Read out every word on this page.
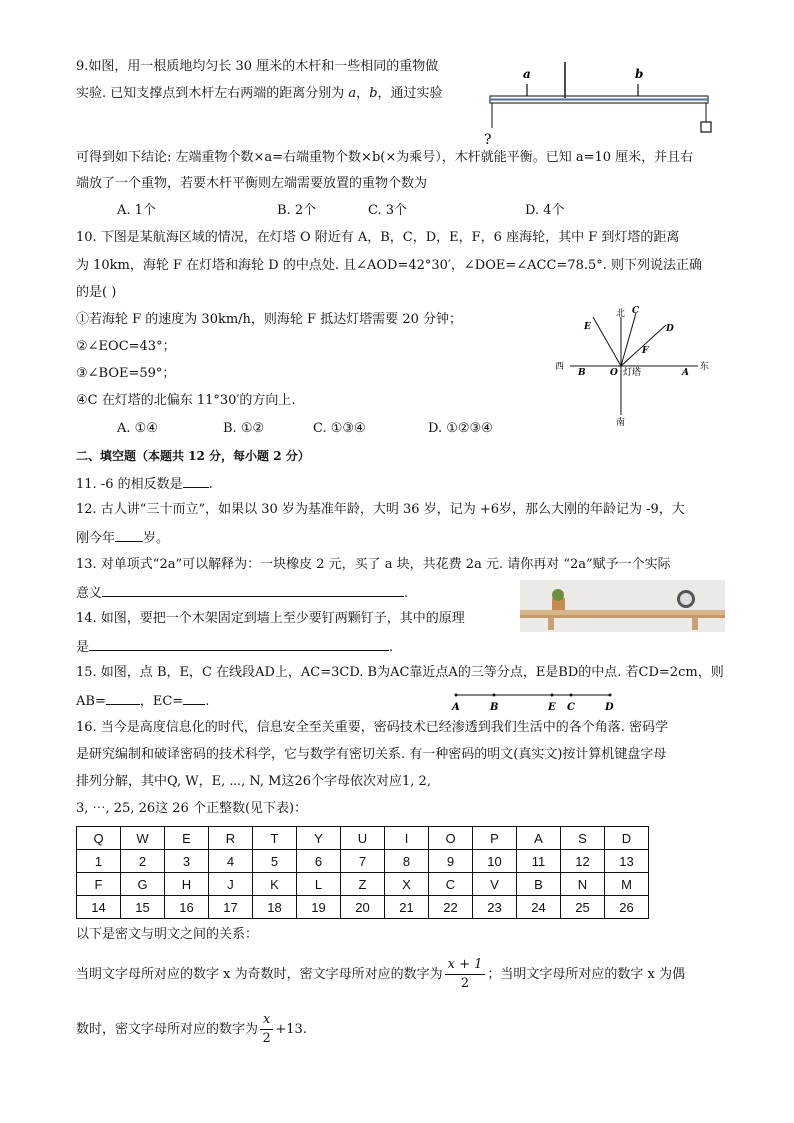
9.如图，用一根质地均匀长 30 厘米的木杆和一些相同的重物做
实验. 已知支撑点到木杆左右两端的距离分别为 a，b，通过实验
a	b
?
可得到如下结论: 左端重物个数×a=右端重物个数×b(×为乘号），木杆就能平衡。已知 a=10 厘米，并且右
端放了一个重物，若要木杆平衡则左端需要放置的重物个数为
A. 1个	B. 2个	C. 3个	D. 4个
10. 下图是某航海区域的情况，在灯塔 O 附近有 A，B，C，D，E，F，6 座海轮，其中 F 到灯塔的距离
为 10km，海轮 F 在灯塔和海轮 D 的中点处. 且∠AOD=42°30′，∠DOE=∠ACC=78.5°. 则下列说法正确
的是( )
①若海轮 F 的速度为 30km/h，则海轮 F 抵达灯塔需要 20 分钟；
②∠EOC=43°；
③∠BOE=59°；
④C 在灯塔的北偏东 11°30′的方向上.
A. ①④	B. ①②	C. ①③④	D. ①②③④
北
南
西	东
O 灯塔	A
B
C
D
E
F
二、填空题（本题共 12 分，每小题 2 分）
11. -6 的相反数是 .
12. 古人讲“三十而立”，如果以 30 岁为基准年龄，大明 36 岁，记为 +6岁，那么大刚的年龄记为 -9，大
刚今年 岁。
13. 对单项式“2a”可以解释为：一块橡皮 2 元，买了 a 块，共花费 2a 元. 请你再对 “2a”赋予一个实际
意义	.
14. 如图，要把一个木架固定到墙上至少要钉两颗钉子，其中的原理
是	.
15. 如图，点 B，E，C 在线段AD上，AC=3CD. B为AC靠近点A的三等分点，E是BD的中点. 若CD=2cm，则
AB=	，EC= .	A	B	E C	D
16. 当今是高度信息化的时代，信息安全至关重要，密码技术已经渗透到我们生活中的各个角落. 密码学
是研究编制和破译密码的技术科学，它与数学有密切关系. 有一种密码的明文(真实文)按计算机键盘字母
排列分解，其中Q, W，E, ⋯, N, M这26个字母依次对应1, 2,
3, ⋯, 25, 26这 26 个正整数(见下表)：
Q	W	E	R	T	Y	U	I	O	P	A	S	D
1	2	3	4	5	6	7	8	9	10	11	12	13
F	G	H	J	K	L	Z	X	C	V	B	N	M
14	15	16	17	18	19	20	21	22	23	24	25	26
以下是密文与明文之间的关系：
当明文字母所对应的数字 x 为奇数时，密文字母所对应的数字为 $\frac{x + 1}{2}$ ；当明文字母所对应的数字 x 为偶
数时，密文字母所对应的数字为 $\frac{x}{2} +13$.
